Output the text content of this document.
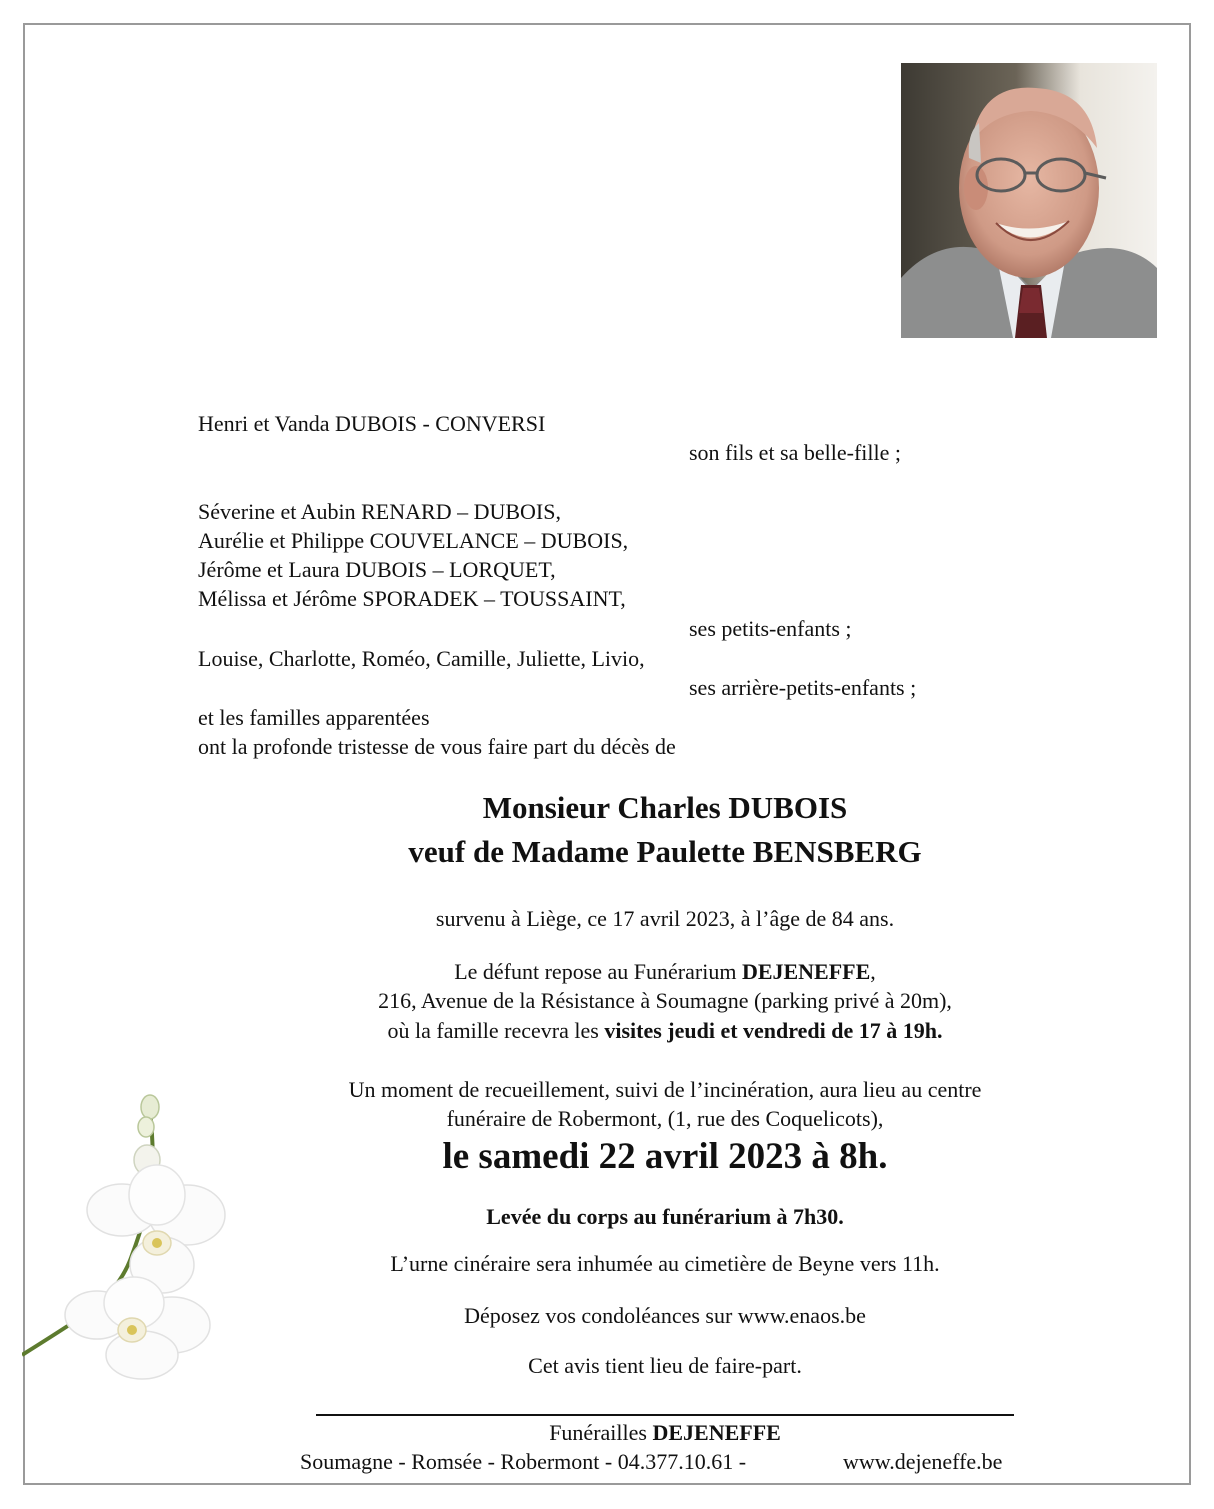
Henri et Vanda DUBOIS - CONVERSI
son fils et sa belle-fille ;
Séverine et Aubin RENARD – DUBOIS,
Aurélie et Philippe COUVELANCE – DUBOIS,
Jérôme et Laura DUBOIS – LORQUET,
Mélissa et Jérôme SPORADEK – TOUSSAINT,
ses petits-enfants ;
Louise, Charlotte, Roméo, Camille, Juliette, Livio,
ses arrière-petits-enfants ;
et les familles apparentées
ont la profonde tristesse de vous faire part du décès de
Monsieur Charles DUBOIS
veuf de Madame Paulette BENSBERG
survenu à Liège, ce 17 avril 2023, à l’âge de 84 ans.
Le défunt repose au Funérarium DEJENEFFE,
216, Avenue de la Résistance à Soumagne (parking privé à 20m),
où la famille recevra les visites jeudi et vendredi de 17 à 19h.
Un moment de recueillement, suivi de l’incinération, aura lieu au centre
funéraire de Robermont, (1, rue des Coquelicots),
le samedi 22 avril 2023 à 8h.
Levée du corps au funérarium à 7h30.
L’urne cinéraire sera inhumée au cimetière de Beyne vers 11h.
Déposez vos condoléances sur www.enaos.be
Cet avis tient lieu de faire-part.
Funérailles DEJENEFFE
Soumagne - Romsée - Robermont - 04.377.10.61 -	www.dejeneffe.be
